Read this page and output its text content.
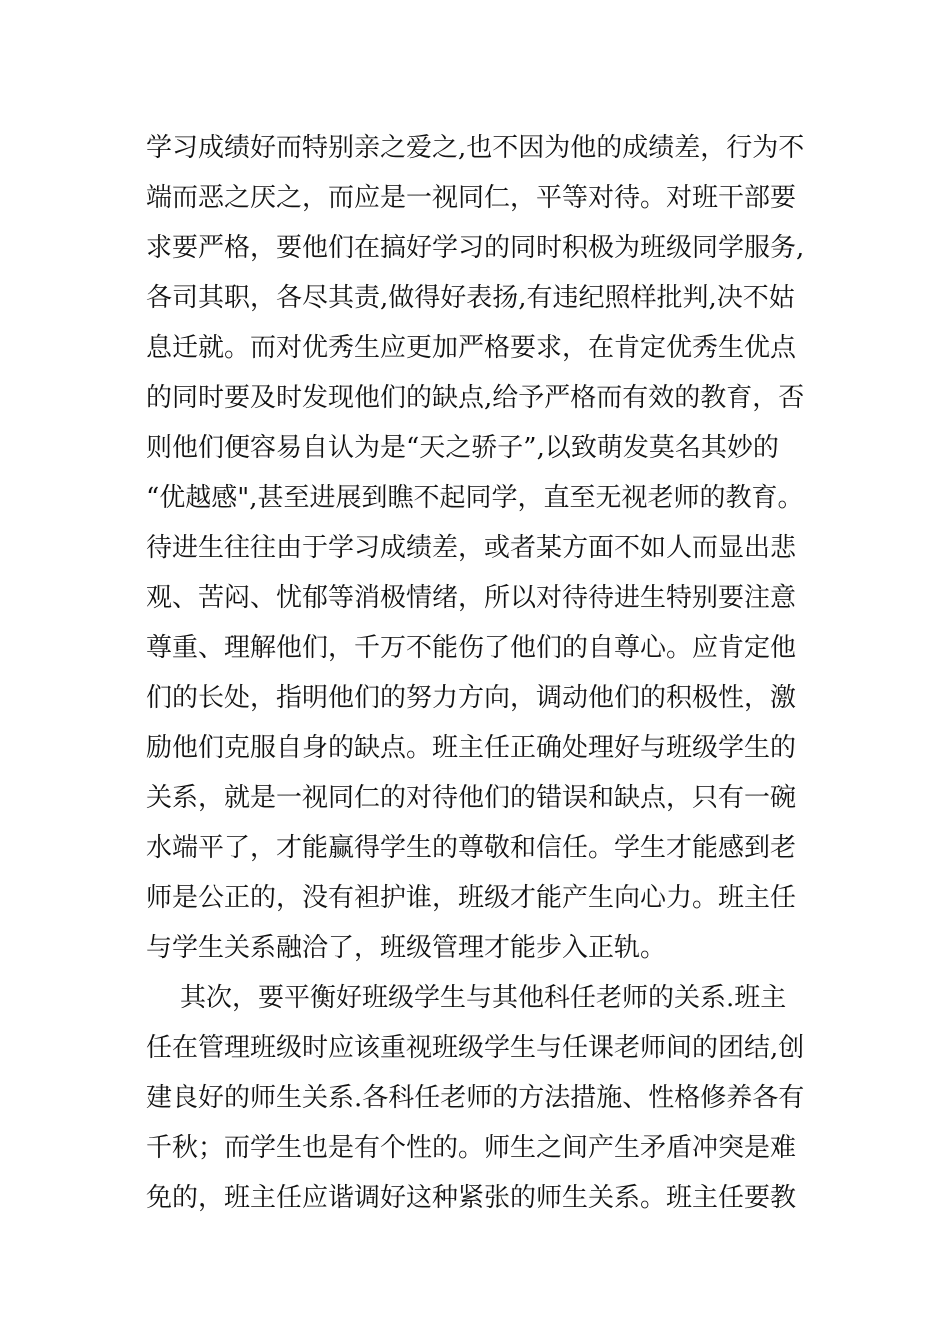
学习成绩好而特别亲之爱之,也不因为他的成绩差，行为不
端而恶之厌之，而应是一视同仁，平等对待。对班干部要
求要严格，要他们在搞好学习的同时积极为班级同学服务,
各司其职，各尽其责,做得好表扬,有违纪照样批判,决不姑
息迁就。而对优秀生应更加严格要求，在肯定优秀生优点
的同时要及时发现他们的缺点,给予严格而有效的教育，否
则他们便容易自认为是“天之骄子”,以致萌发莫名其妙的
“优越感",甚至进展到瞧不起同学，直至无视老师的教育。
待进生往往由于学习成绩差，或者某方面不如人而显出悲
观、苦闷、忧郁等消极情绪，所以对待待进生特别要注意
尊重、理解他们，千万不能伤了他们的自尊心。应肯定他
们的长处，指明他们的努力方向，调动他们的积极性，激
励他们克服自身的缺点。班主任正确处理好与班级学生的
关系，就是一视同仁的对待他们的错误和缺点，只有一碗
水端平了，才能赢得学生的尊敬和信任。学生才能感到老
师是公正的，没有袒护谁，班级才能产生向心力。班主任
与学生关系融洽了，班级管理才能步入正轨。
其次，要平衡好班级学生与其他科任老师的关系.班主
任在管理班级时应该重视班级学生与任课老师间的团结,创
建良好的师生关系.各科任老师的方法措施、性格修养各有
千秋；而学生也是有个性的。师生之间产生矛盾冲突是难
免的，班主任应谐调好这种紧张的师生关系。班主任要教
